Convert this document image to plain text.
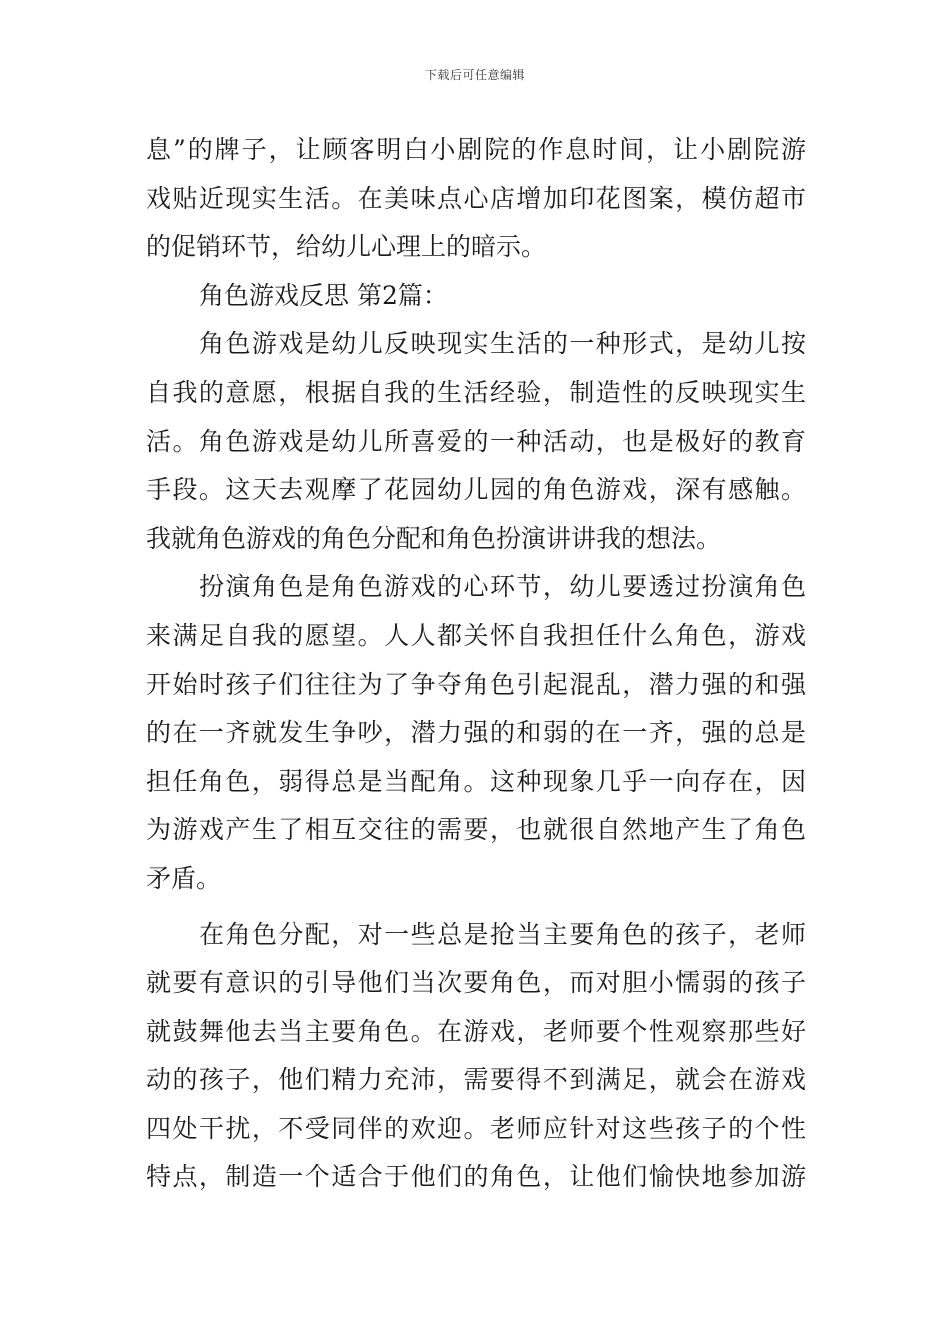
下载后可任意编辑
息”的牌子，让顾客明白小剧院的作息时间，让小剧院游
戏贴近现实生活。在美味点心店增加印花图案，模仿超市
的促销环节，给幼儿心理上的暗示。
角色游戏反思 第2篇：
角色游戏是幼儿反映现实生活的一种形式，是幼儿按
自我的意愿，根据自我的生活经验，制造性的反映现实生
活。角色游戏是幼儿所喜爱的一种活动，也是极好的教育
手段。这天去观摩了花园幼儿园的角色游戏，深有感触。
我就角色游戏的角色分配和角色扮演讲讲我的想法。
扮演角色是角色游戏的心环节，幼儿要透过扮演角色
来满足自我的愿望。人人都关怀自我担任什么角色，游戏
开始时孩子们往往为了争夺角色引起混乱，潜力强的和强
的在一齐就发生争吵，潜力强的和弱的在一齐，强的总是
担任角色，弱得总是当配角。这种现象几乎一向存在，因
为游戏产生了相互交往的需要，也就很自然地产生了角色
矛盾。
在角色分配，对一些总是抢当主要角色的孩子，老师
就要有意识的引导他们当次要角色，而对胆小懦弱的孩子
就鼓舞他去当主要角色。在游戏，老师要个性观察那些好
动的孩子，他们精力充沛，需要得不到满足，就会在游戏
四处干扰，不受同伴的欢迎。老师应针对这些孩子的个性
特点，制造一个适合于他们的角色，让他们愉快地参加游
